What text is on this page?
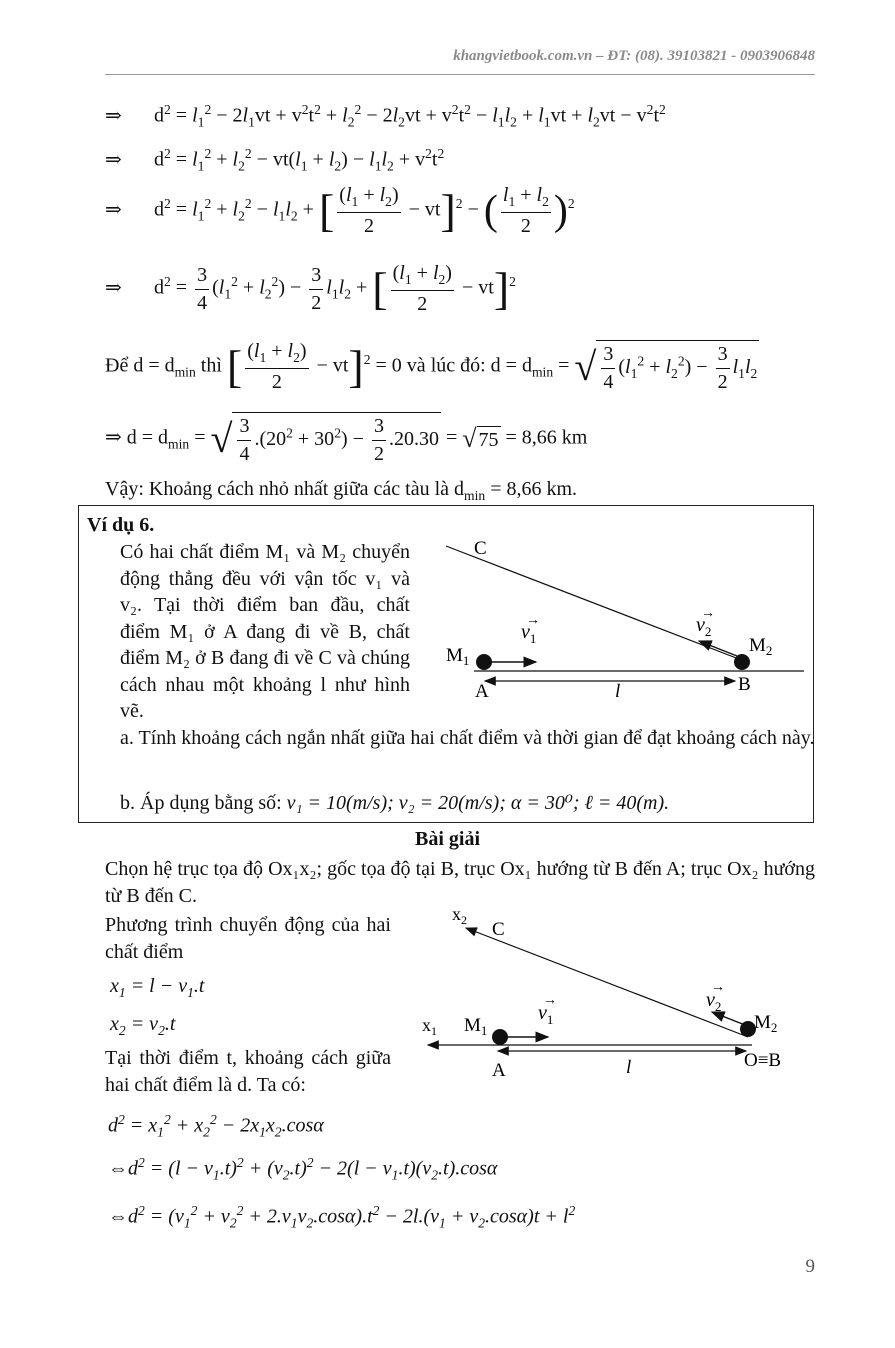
khangvietbook.com.vn – ĐT: (08). 39103821 - 0903906848
⇒ $d^2 = l_1^2 - 2l_1vt + v^2t^2 + l_2^2 - 2l_2vt + v^2t^2 - l_1l_2 + l_1vt + l_2vt - v^2t^2$
⇒ $d^2 = l_1^2 + l_2^2 - vt(l_1 + l_2) - l_1l_2 + v^2t^2$
⇒ $d^2 = l_1^2 + l_2^2 - l_1l_2$ + [ $\frac{(l_1 + l_2)}{2} - vt]^2$ − ( $\frac{l_1 + l_2}{2} )^2$
⇒ $d^2 = \frac{3}{4} (l_1^2 + l_2^2) - \frac{3}{2} l_1l_2$ + [ $\frac{(l_1 + l_2)}{2} - vt]^2$
Để $d = d_{min}$ thì [ $\frac{(l_1 + l_2)}{2} - vt]^2 = 0$ và lúc đó: $d = d_{min}$ = √ $\frac{3}{4} (l_1^2 + l_2^2) - \frac{3}{2} l_1l_2$
⇒ $d = d_{min}$ = √ $\frac{3}{4} .(20^2 + 30^2) - \frac{3}{2} .20.30$ = √ 75 = 8,66 km
Vậy: Khoảng cách nhỏ nhất giữa các tàu là $d_{min} = 8,66$ km.
Ví dụ 6.
Có hai chất điểm M₁ và M₂ chuyển động thẳng đều với vận tốc v₁ và v₂. Tại thời điểm ban đầu, chất điểm M₁ ở A đang đi về B, chất điểm M₂ ở B đang đi về C và chúng cách nhau một khoảng l như hình vẽ.
a. Tính khoảng cách ngắn nhất giữa hai chất điểm và thời gian để đạt khoảng cách này.
b. Áp dụng bằng số: v₁ = 10(m/s); v₂ = 20(m/s); α = 30⁰; ℓ = 40(m).
C
$M_1$
$M_2$
A	B
l
$v_1$
→	$v_2$
→
Bài giải
Chọn hệ trục tọa độ Ox₁x₂; gốc tọa độ tại B, trục Ox₁ hướng từ B đến A; trục Ox₂ hướng từ B đến C.
Phương trình chuyển động của hai chất điểm
$x_1 = l - v_1.t$
$x_2 = v_2.t$
Tại thời điểm t, khoảng cách giữa hai chất điểm là d. Ta có:
$d^2 = x_1^2 + x_2^2 - 2x_1x_2.\cos\alpha$
$\Leftrightarrow d^2 = (l - v_1.t)^2 + (v_2.t)^2 - 2(l - v_1.t)(v_2.t).\cos\alpha$
$\Leftrightarrow d^2 = (v_1^2 + v_2^2 + 2.v_1v_2.\cos\alpha).t^2 - 2l.(v_1 + v_2.\cos\alpha)t + l^2$
$x_2$ C
$x_1$ $M_1$	$M_2$
A	O≡B
l
$v_1$
→	$v_2$
→
9
